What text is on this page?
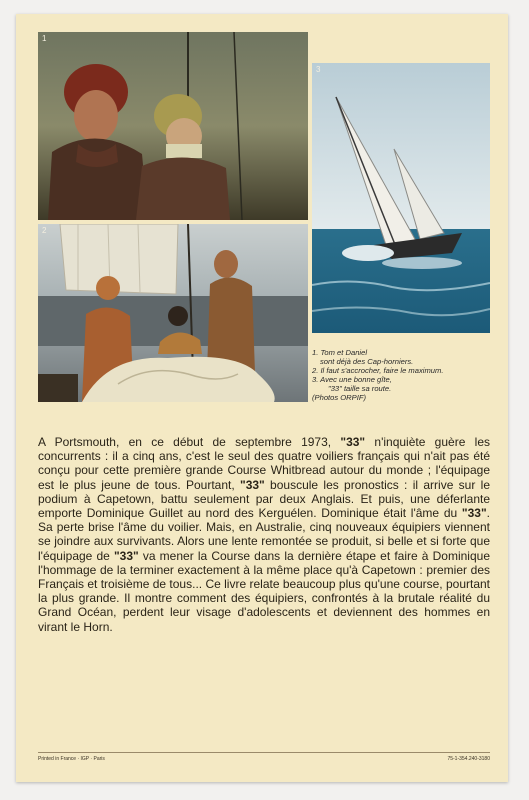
1
2
3
1. Tom et Daniel
sont déjà des Cap-horniers.
2. Il faut s'accrocher, faire le maximum.
3. Avec une bonne gîte,
"33" taille sa route.
(Photos ORPIF)

A Portsmouth, en ce début de septembre 1973, "33" n'inquiète guère les concurrents : il a cinq ans, c'est le seul des quatre voiliers français qui n'ait pas été conçu pour cette première grande Course Whitbread autour du monde ; l'équipage est le plus jeune de tous. Pourtant, "33" bouscule les pronostics : il arrive sur le podium à Capetown, battu seulement par deux Anglais. Et puis, une déferlante emporte Dominique Guillet au nord des Kerguélen. Dominique était l'âme du "33". Sa perte brise l'âme du voilier. Mais, en Australie, cinq nouveaux équipiers viennent se joindre aux survivants. Alors une lente remontée se produit, si belle et si forte que l'équipage de "33" va mener la Course dans la dernière étape et faire à Dominique l'hommage de la terminer exactement à la même place qu'à Capetown : premier des Français et troisième de tous... Ce livre relate beaucoup plus qu'une course, pourtant la plus grande. Il montre comment des équipiers, confrontés à la brutale réalité du Grand Océan, perdent leur visage d'adolescents et deviennent des hommes en virant le Horn.

Printed in France · IGP · Paris	75-1-354.240-3180
